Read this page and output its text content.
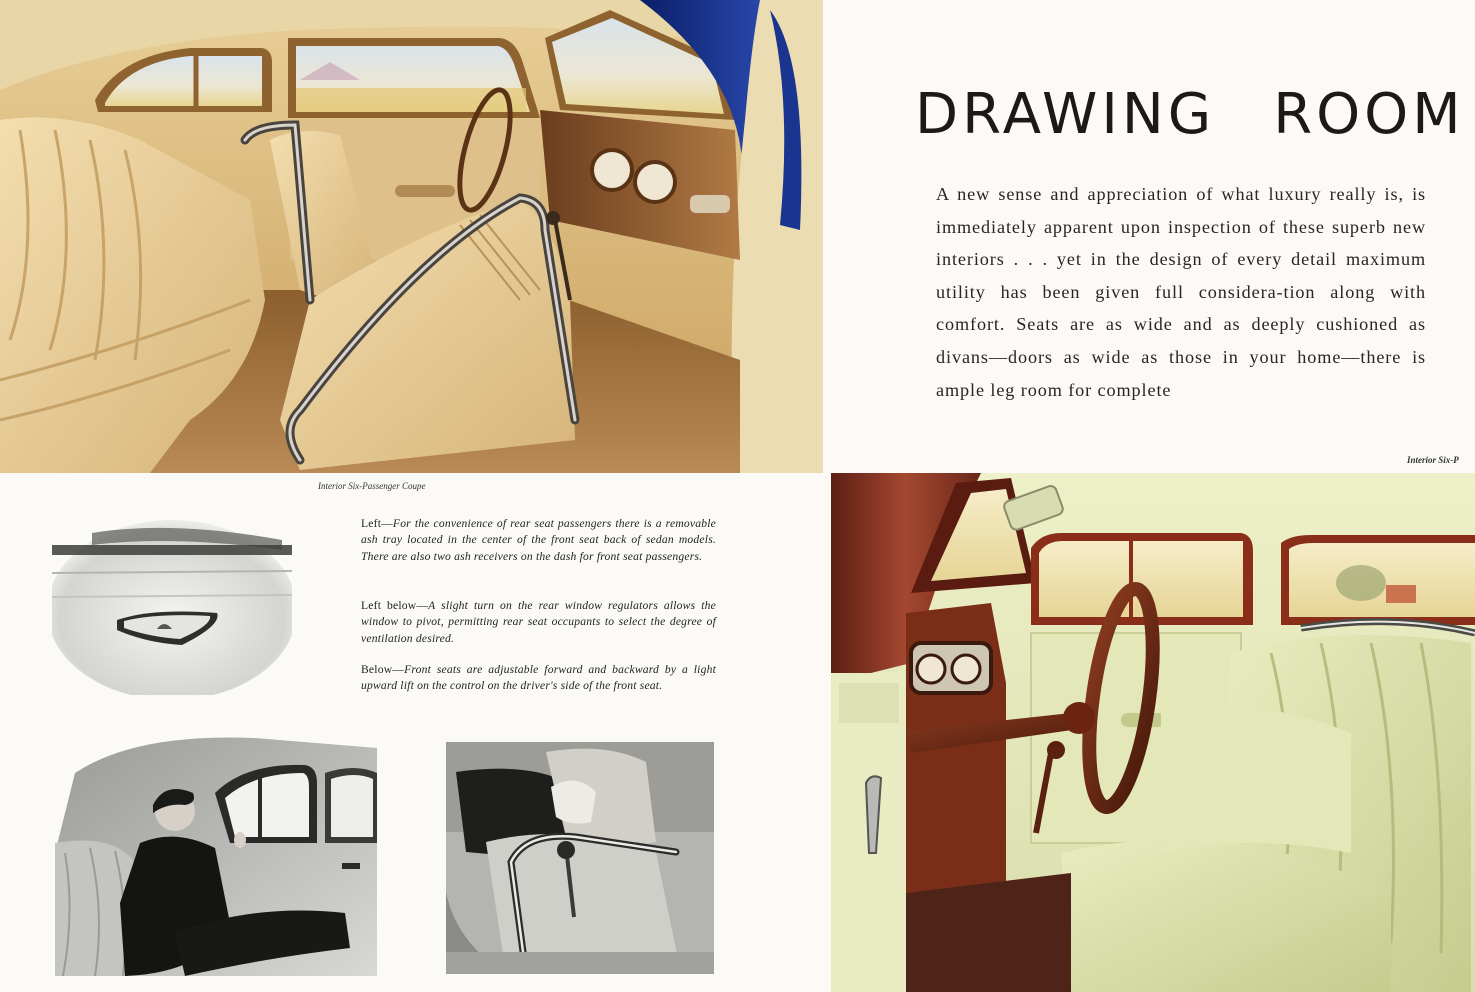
Interior Six-Passenger Coupe
DRAWING ROOM
A new sense and appreciation of what luxury really is, is immediately apparent upon inspection of these superb new interiors . . . yet in the design of every detail maximum utility has been given full considera-tion along with comfort. Seats are as wide and as deeply cushioned as divans—doors as wide as those in your home—there is ample leg room for complete
Interior Six-P
Left—For the convenience of rear seat passengers there is a removable ash tray located in the center of the front seat back of sedan models. There are also two ash receivers on the dash for front seat passengers.
Left below—A slight turn on the rear window regulators allows the window to pivot, permitting rear seat occupants to select the degree of ventilation desired.
Below—Front seats are adjustable forward and backward by a light upward lift on the control on the driver's side of the front seat.
